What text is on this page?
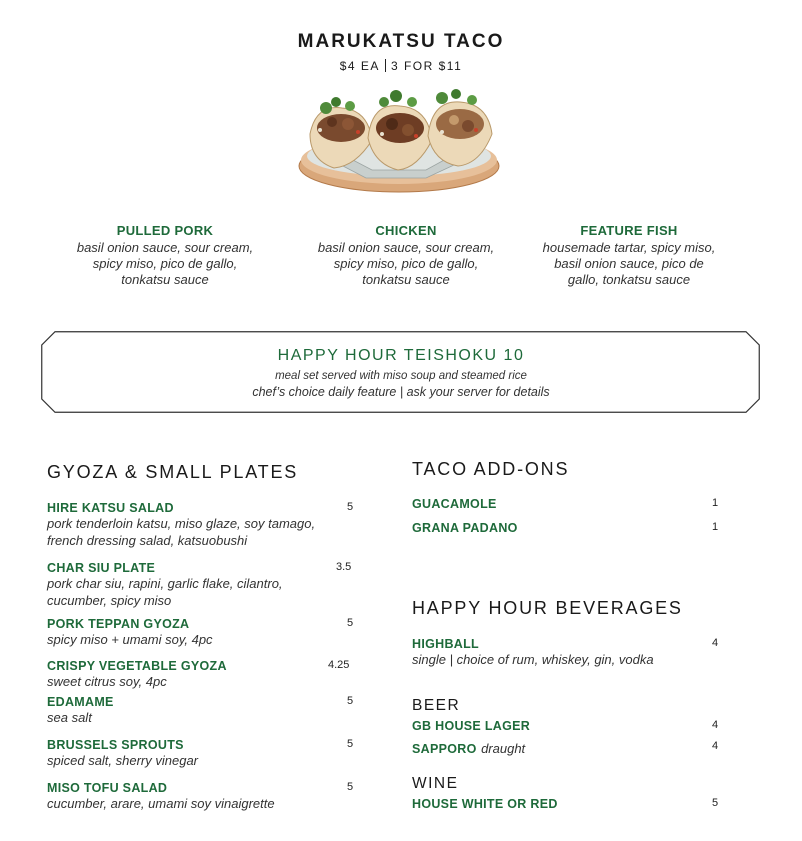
MARUKATSU TACO
$4 EA 3 FOR $11
PULLED PORK
basil onion sauce, sour cream,
spicy miso, pico de gallo,
tonkatsu sauce
CHICKEN
basil onion sauce, sour cream,
spicy miso, pico de gallo,
tonkatsu sauce
FEATURE FISH
housemade tartar, spicy miso,
basil onion sauce, pico de
gallo, tonkatsu sauce
HAPPY HOUR TEISHOKU 10
meal set served with miso soup and steamed rice
chef’s choice daily feature | ask your server for details
GYOZA & SMALL PLATES
HIRE KATSU SALAD	5
pork tenderloin katsu, miso glaze, soy tamago,
french dressing salad, katsuobushi
CHAR SIU PLATE	3.5
pork char siu, rapini, garlic flake, cilantro,
cucumber, spicy miso
PORK TEPPAN GYOZA	5
spicy miso + umami soy, 4pc
CRISPY VEGETABLE GYOZA	4.25
sweet citrus soy, 4pc
EDAMAME	5
sea salt
BRUSSELS SPROUTS	5
spiced salt, sherry vinegar
MISO TOFU SALAD	5
cucumber, arare, umami soy vinaigrette
TACO ADD-ONS
GUACAMOLE	1
GRANA PADANO	1
HAPPY HOUR BEVERAGES
HIGHBALL	4
single | choice of rum, whiskey, gin, vodka
BEER
GB HOUSE LAGER	4
SAPPORO draught	4
WINE
HOUSE WHITE OR RED	5
